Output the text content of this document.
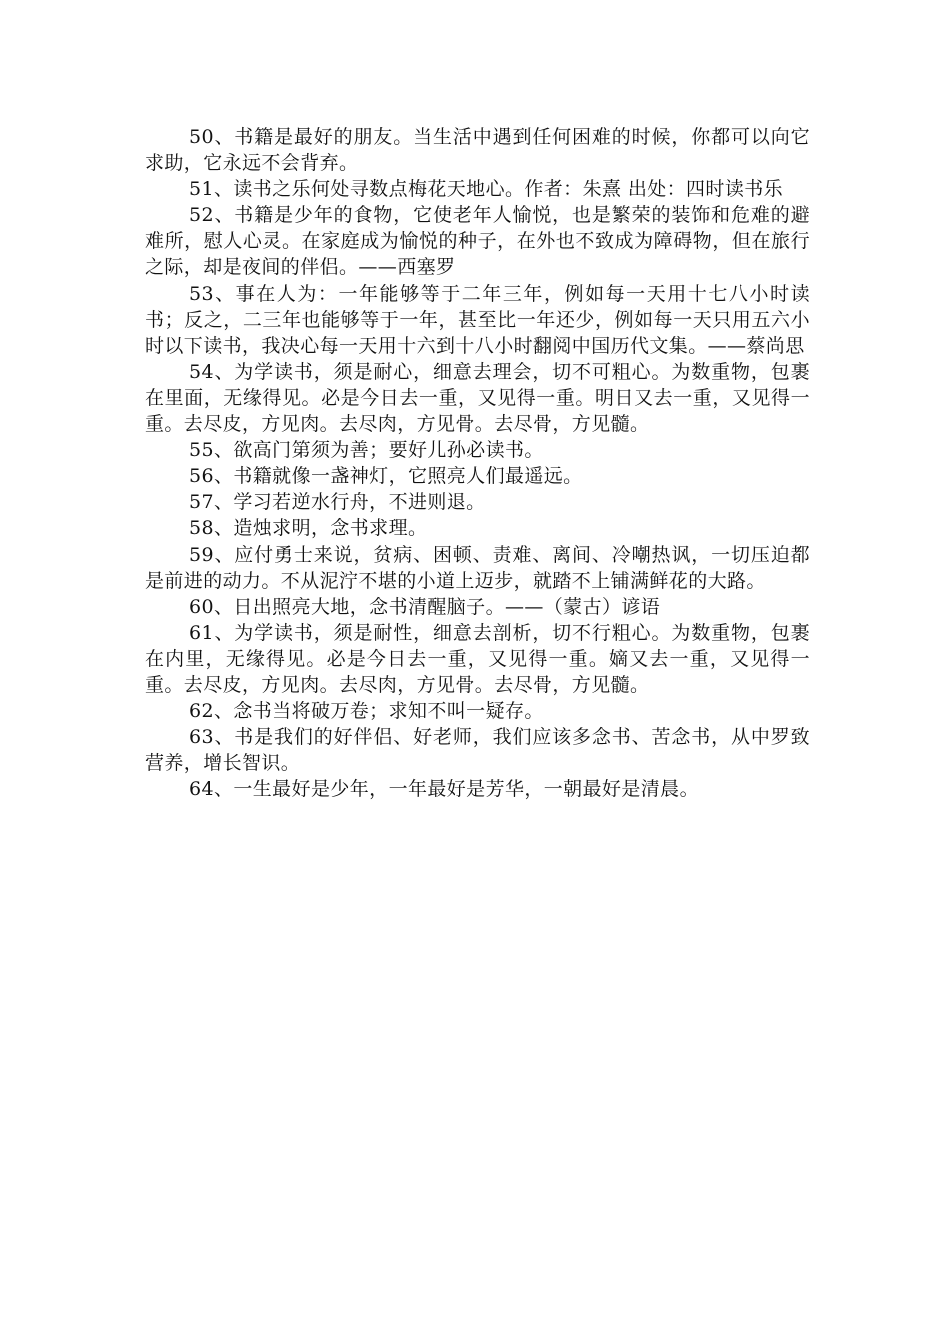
50、书籍是最好的朋友。当生活中遇到任何困难的时候，你都可以向它求助，它永远不会背弃。

51、读书之乐何处寻数点梅花天地心。作者：朱熹 出处：四时读书乐

52、书籍是少年的食物，它使老年人愉悦，也是繁荣的装饰和危难的避难所，慰人心灵。在家庭成为愉悦的种子，在外也不致成为障碍物，但在旅行之际，却是夜间的伴侣。——西塞罗

53、事在人为：一年能够等于二年三年，例如每一天用十七八小时读书；反之，二三年也能够等于一年，甚至比一年还少，例如每一天只用五六小时以下读书，我决心每一天用十六到十八小时翻阅中国历代文集。——蔡尚思

54、为学读书，须是耐心，细意去理会，切不可粗心。为数重物，包裹在里面，无缘得见。必是今日去一重，又见得一重。明日又去一重，又见得一重。去尽皮，方见肉。去尽肉，方见骨。去尽骨，方见髓。

55、欲高门第须为善；要好儿孙必读书。

56、书籍就像一盏神灯，它照亮人们最遥远。

57、学习若逆水行舟，不进则退。

58、造烛求明，念书求理。

59、应付勇士来说，贫病、困顿、责难、离间、冷嘲热讽，一切压迫都是前进的动力。不从泥泞不堪的小道上迈步，就踏不上铺满鲜花的大路。

60、日出照亮大地，念书清醒脑子。——（蒙古）谚语

61、为学读书，须是耐性，细意去剖析，切不行粗心。为数重物，包裹在内里，无缘得见。必是今日去一重，又见得一重。嫡又去一重，又见得一重。去尽皮，方见肉。去尽肉，方见骨。去尽骨，方见髓。

62、念书当将破万卷；求知不叫一疑存。

63、书是我们的好伴侣、好老师，我们应该多念书、苦念书，从中罗致营养，增长智识。

64、一生最好是少年，一年最好是芳华，一朝最好是清晨。
